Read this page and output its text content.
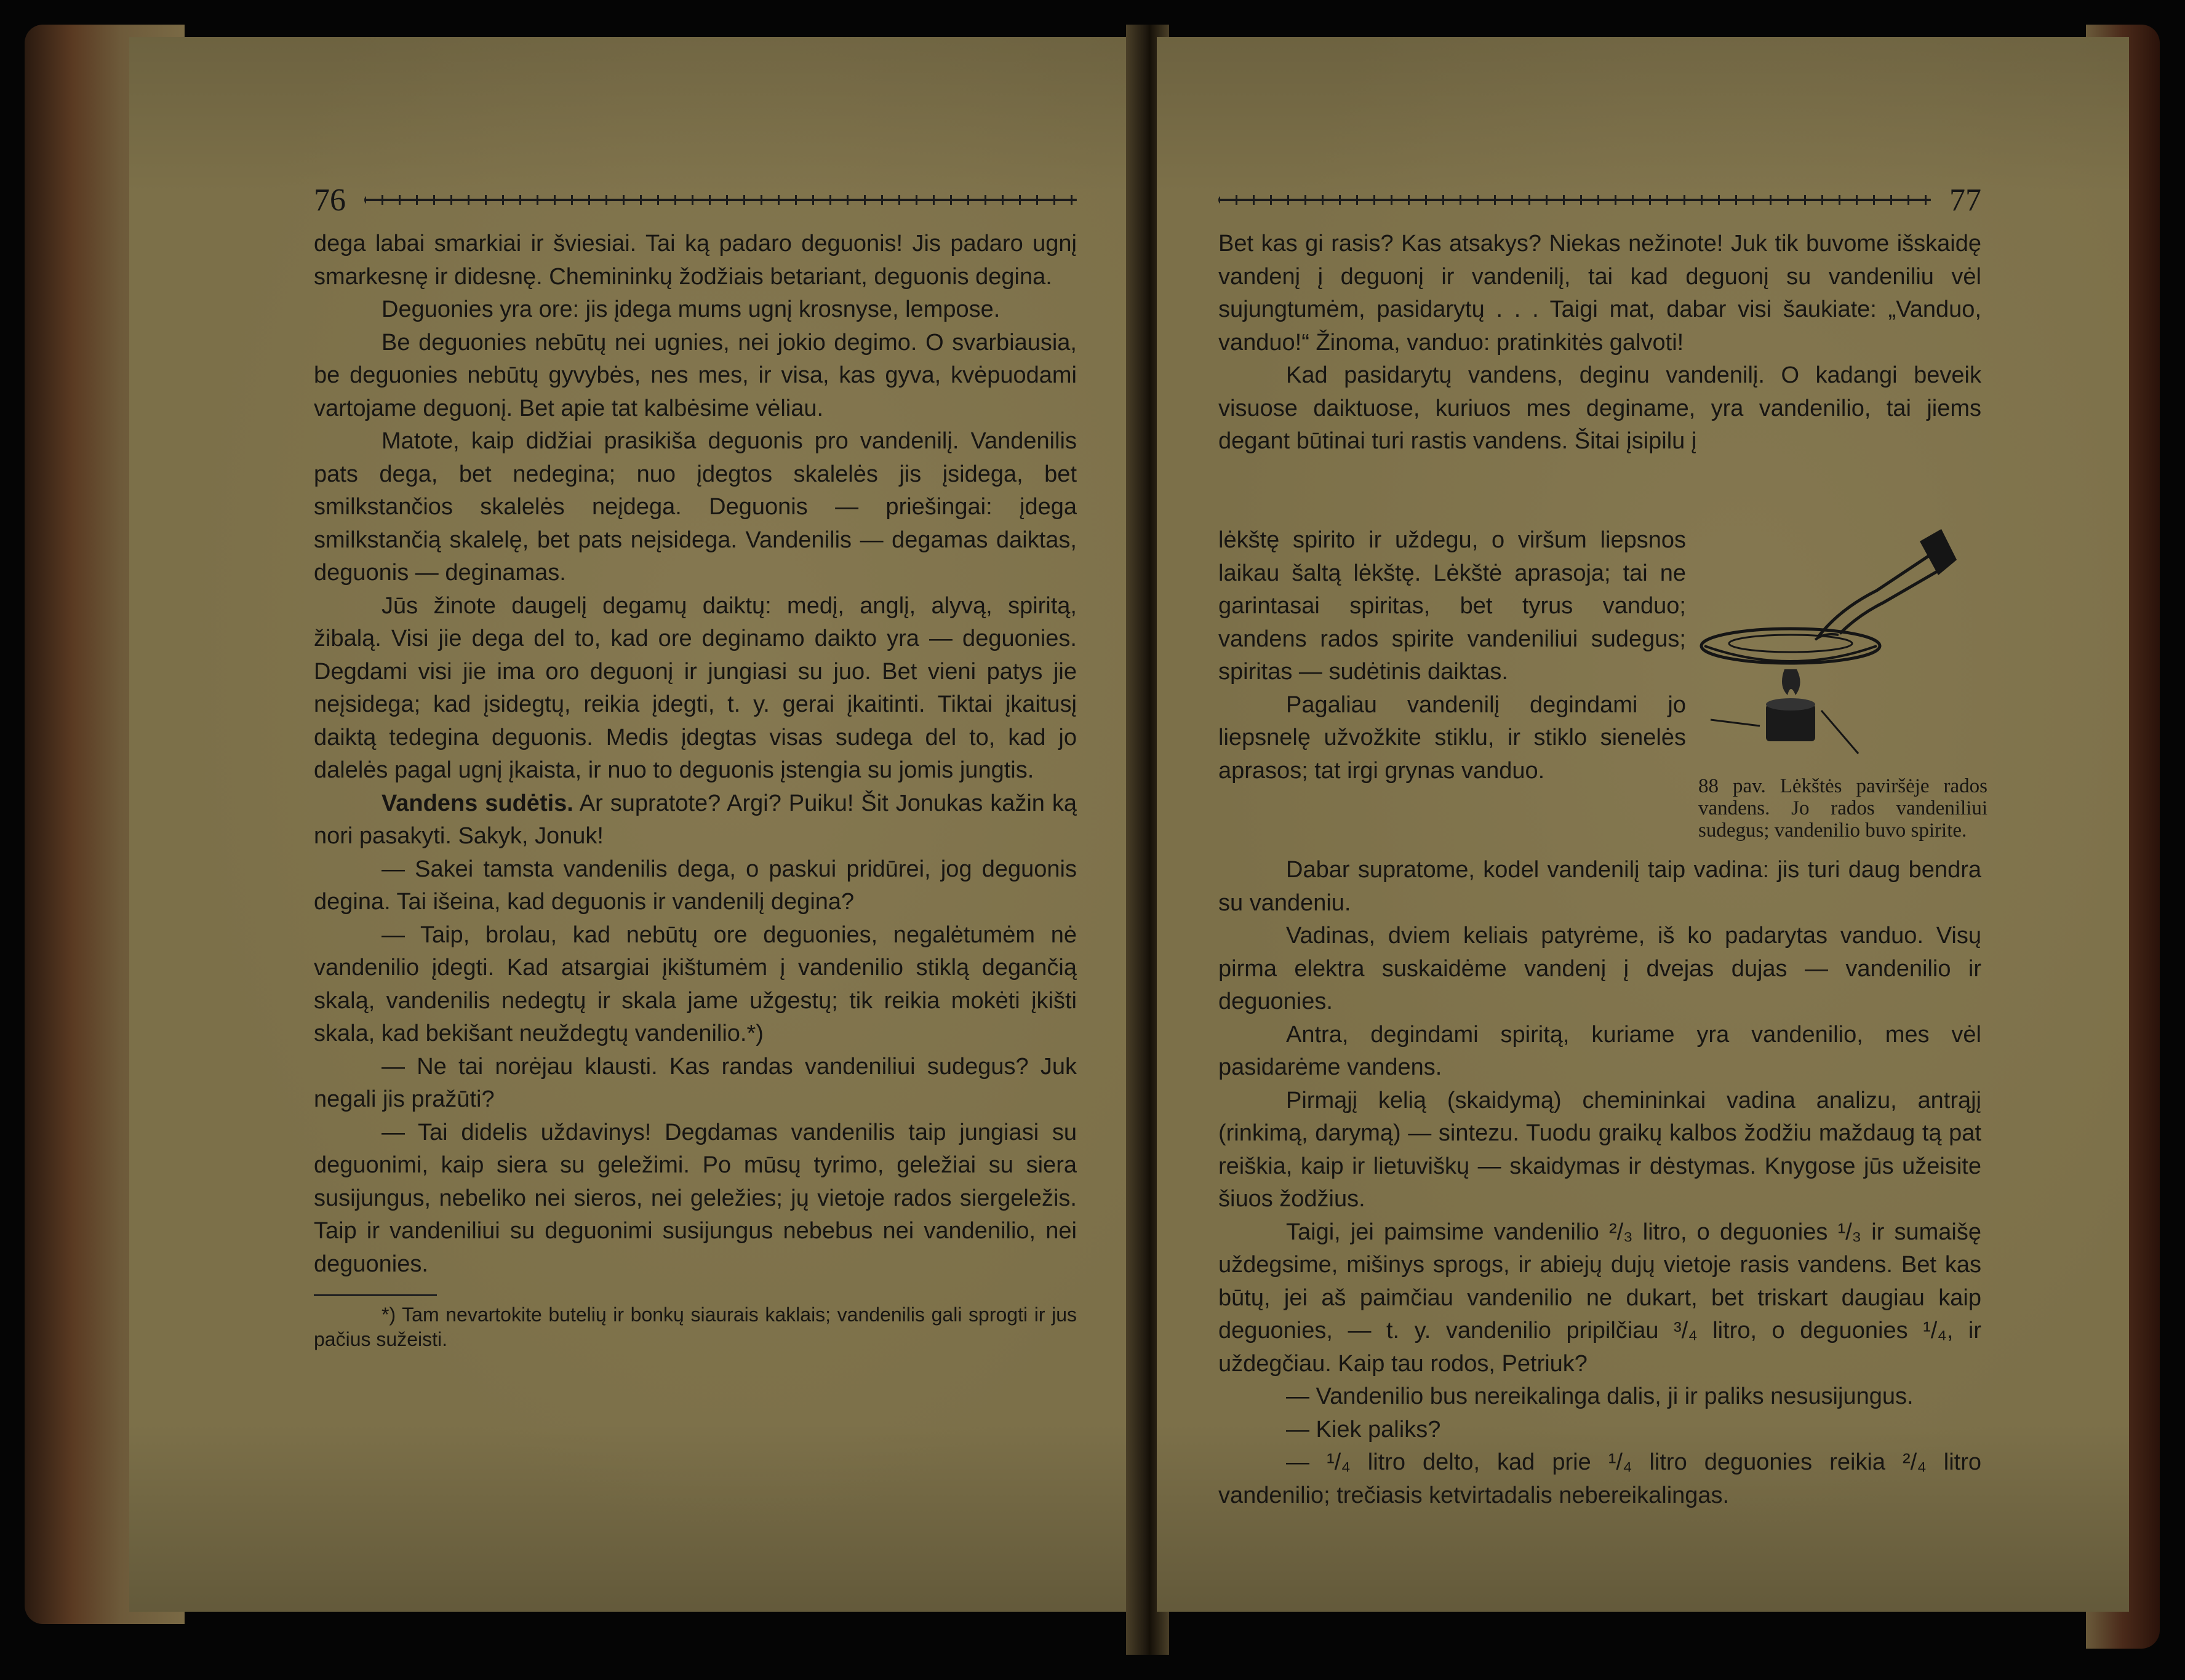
76

dega labai smarkiai ir šviesiai. Tai ką padaro deguonis! Jis padaro ugnį smarkesnę ir didesnę. Chemininkų žodžiais betariant, deguonis degina.

Deguonies yra ore: jis įdega mums ugnį krosnyse, lempose.

Be deguonies nebūtų nei ugnies, nei jokio degimo. O svarbiausia, be deguonies nebūtų gyvybės, nes mes, ir visa, kas gyva, kvėpuodami vartojame deguonį. Bet apie tat kalbėsime vėliau.

Matote, kaip didžiai prasikiša deguonis pro vandenilį. Vandenilis pats dega, bet nedegina; nuo įdegtos skalelės jis įsidega, bet smilkstančios skalelės neįdega. Deguonis — priešingai: įdega smilkstančią skalelę, bet pats neįsidega. Vandenilis — degamas daiktas, deguonis — deginamas.

Jūs žinote daugelį degamų daiktų: medį, anglį, alyvą, spiritą, žibalą. Visi jie dega del to, kad ore deginamo daikto yra — deguonies. Degdami visi jie ima oro deguonį ir jungiasi su juo. Bet vieni patys jie neįsidega; kad įsidegtų, reikia įdegti, t. y. gerai įkaitinti. Tiktai įkaitusį daiktą tedegina deguonis. Medis įdegtas visas sudega del to, kad jo dalelės pagal ugnį įkaista, ir nuo to deguonis įstengia su jomis jungtis.

Vandens sudėtis. Ar supratote? Argi? Puiku! Šit Jonukas kažin ką nori pasakyti. Sakyk, Jonuk!

— Sakei tamsta vandenilis dega, o paskui pridūrei, jog deguonis degina. Tai išeina, kad deguonis ir vandenilį degina?

— Taip, brolau, kad nebūtų ore deguonies, negalėtumėm nė vandenilio įdegti. Kad atsargiai įkištumėm į vandenilio stiklą degančią skalą, vandenilis nedegtų ir skala jame užgestų; tik reikia mokėti įkišti skala, kad bekišant neuždegtų vandenilio.*)

— Ne tai norėjau klausti. Kas randas vandeniliui sudegus? Juk negali jis pražūti?

— Tai didelis uždavinys! Degdamas vandenilis taip jungiasi su deguonimi, kaip siera su geležimi. Po mūsų tyrimo, geležiai su siera susijungus, nebeliko nei sieros, nei geležies; jų vietoje rados siergeležis. Taip ir vandeniliui su deguonimi susijungus nebebus nei vandenilio, nei deguonies.

*) Tam nevartokite butelių ir bonkų siaurais kaklais; vandenilis gali sprogti ir jus pačius sužeisti.

77

Bet kas gi rasis? Kas atsakys? Niekas nežinote! Juk tik buvome išskaidę vandenį į deguonį ir vandenilį, tai kad deguonį su vandeniliu vėl sujungtumėm, pasidarytų . . . Taigi mat, dabar visi šaukiate: „Vanduo, vanduo!“ Žinoma, vanduo: pratinkitės galvoti!

Kad pasidarytų vandens, deginu vandenilį. O kadangi beveik visuose daiktuose, kuriuos mes deginame, yra vandenilio, tai jiems degant būtinai turi rastis vandens. Šitai įsipilu į

lėkštę spirito ir uždegu, o viršum liepsnos laikau šaltą lėkštę. Lėkštė aprasoja; tai ne garintasai spiritas, bet tyrus vanduo; vandens rados spirite vandeniliui sudegus; spiritas — sudėtinis daiktas.

Pagaliau vandenilį degindami jo liepsnelę užvožkite stiklu, ir stiklo sienelės aprasos; tat irgi grynas vanduo.

88 pav. Lėkštės paviršėje rados vandens. Jo rados vandeniliui sudegus; vandenilio buvo spirite.

Dabar supratome, kodel vandenilį taip vadina: jis turi daug bendra su vandeniu.

Vadinas, dviem keliais patyrėme, iš ko padarytas vanduo. Visų pirma elektra suskaidėme vandenį į dvejas dujas — vandenilio ir deguonies.

Antra, degindami spiritą, kuriame yra vandenilio, mes vėl pasidarėme vandens.

Pirmąjį kelią (skaidymą) chemininkai vadina analizu, antrąjį (rinkimą, darymą) — sintezu. Tuodu graikų kalbos žodžiu maždaug tą pat reiškia, kaip ir lietuviškų — skaidymas ir dėstymas. Knygose jūs užeisite šiuos žodžius.

Taigi, jei paimsime vandenilio ²/₃ litro, o deguonies ¹/₃ ir sumaišę uždegsime, mišinys sprogs, ir abiejų dujų vietoje rasis vandens. Bet kas būtų, jei aš paimčiau vandenilio ne dukart, bet triskart daugiau kaip deguonies, — t. y. vandenilio pripilčiau ³/₄ litro, o deguonies ¹/₄, ir uždegčiau. Kaip tau rodos, Petriuk?

— Vandenilio bus nereikalinga dalis, ji ir paliks nesusijungus.

— Kiek paliks?

— ¹/₄ litro delto, kad prie ¹/₄ litro deguonies reikia ²/₄ litro vandenilio; trečiasis ketvirtadalis nebereikalingas.
